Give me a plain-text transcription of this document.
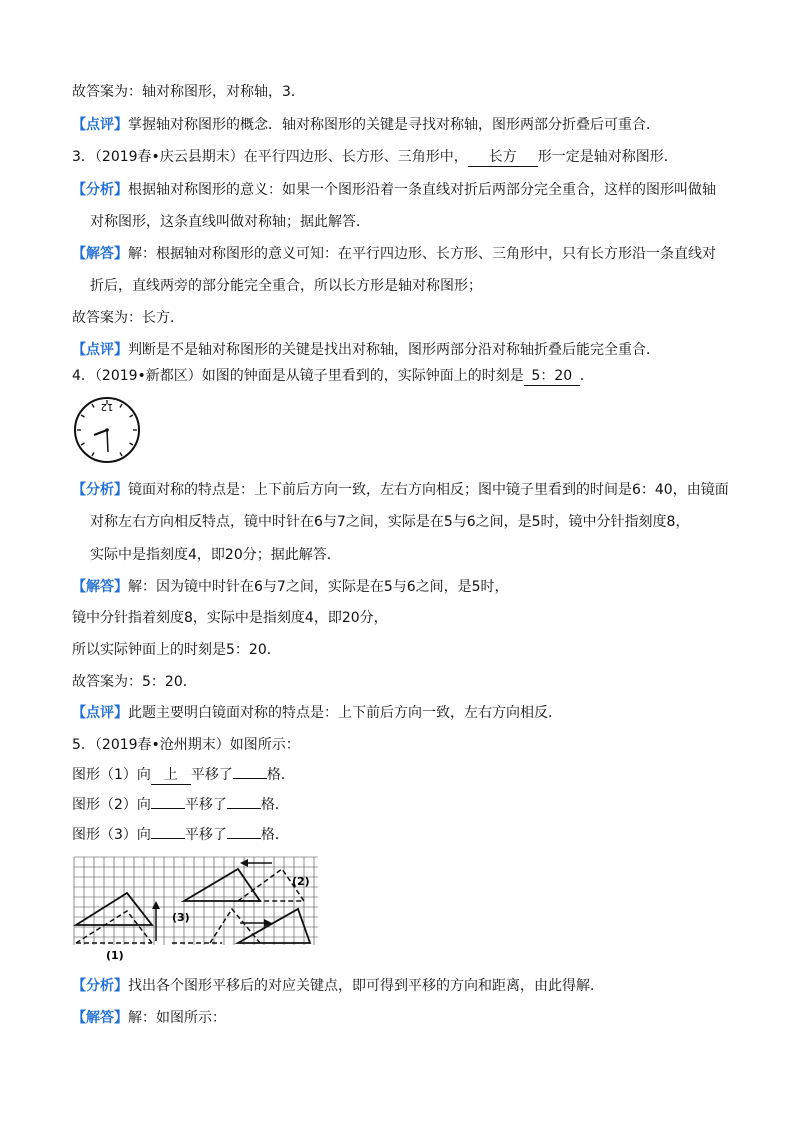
故答案为：轴对称图形，对称轴，3．
【点评】掌握轴对称图形的概念．轴对称图形的关键是寻找对称轴，图形两部分折叠后可重合．
3．（2019春•庆云县期末）在平行四边形、长方形、三角形中， 长方 形一定是轴对称图形．
【分析】根据轴对称图形的意义：如果一个图形沿着一条直线对折后两部分完全重合，这样的图形叫做轴
对称图形，这条直线叫做对称轴；据此解答．
【解答】解：根据轴对称图形的意义可知：在平行四边形、长方形、三角形中，只有长方形沿一条直线对
折后，直线两旁的部分能完全重合，所以长方形是轴对称图形；
故答案为：长方．
【点评】判断是不是轴对称图形的关键是找出对称轴，图形两部分沿对称轴折叠后能完全重合．
4．（2019•新都区）如图的钟面是从镜子里看到的，实际钟面上的时刻是 5：20 ．
12
【分析】镜面对称的特点是：上下前后方向一致，左右方向相反；图中镜子里看到的时间是6：40，由镜面
对称左右方向相反特点，镜中时针在6与7之间，实际是在5与6之间，是5时，镜中分针指刻度8，
实际中是指刻度4，即20分；据此解答．
【解答】解：因为镜中时针在6与7之间，实际是在5与6之间，是5时，
镜中分针指着刻度8，实际中是指刻度4，即20分，
所以实际钟面上的时刻是5：20．
故答案为：5：20．
【点评】此题主要明白镜面对称的特点是：上下前后方向一致，左右方向相反．
5．（2019春•沧州期末）如图所示：
图形（1）向 上 平移了 格．
图形（2）向 平移了 格．
图形（3）向 平移了 格．
(1)
(2)
(3)
【分析】找出各个图形平移后的对应关键点，即可得到平移的方向和距离，由此得解．
【解答】解：如图所示：
